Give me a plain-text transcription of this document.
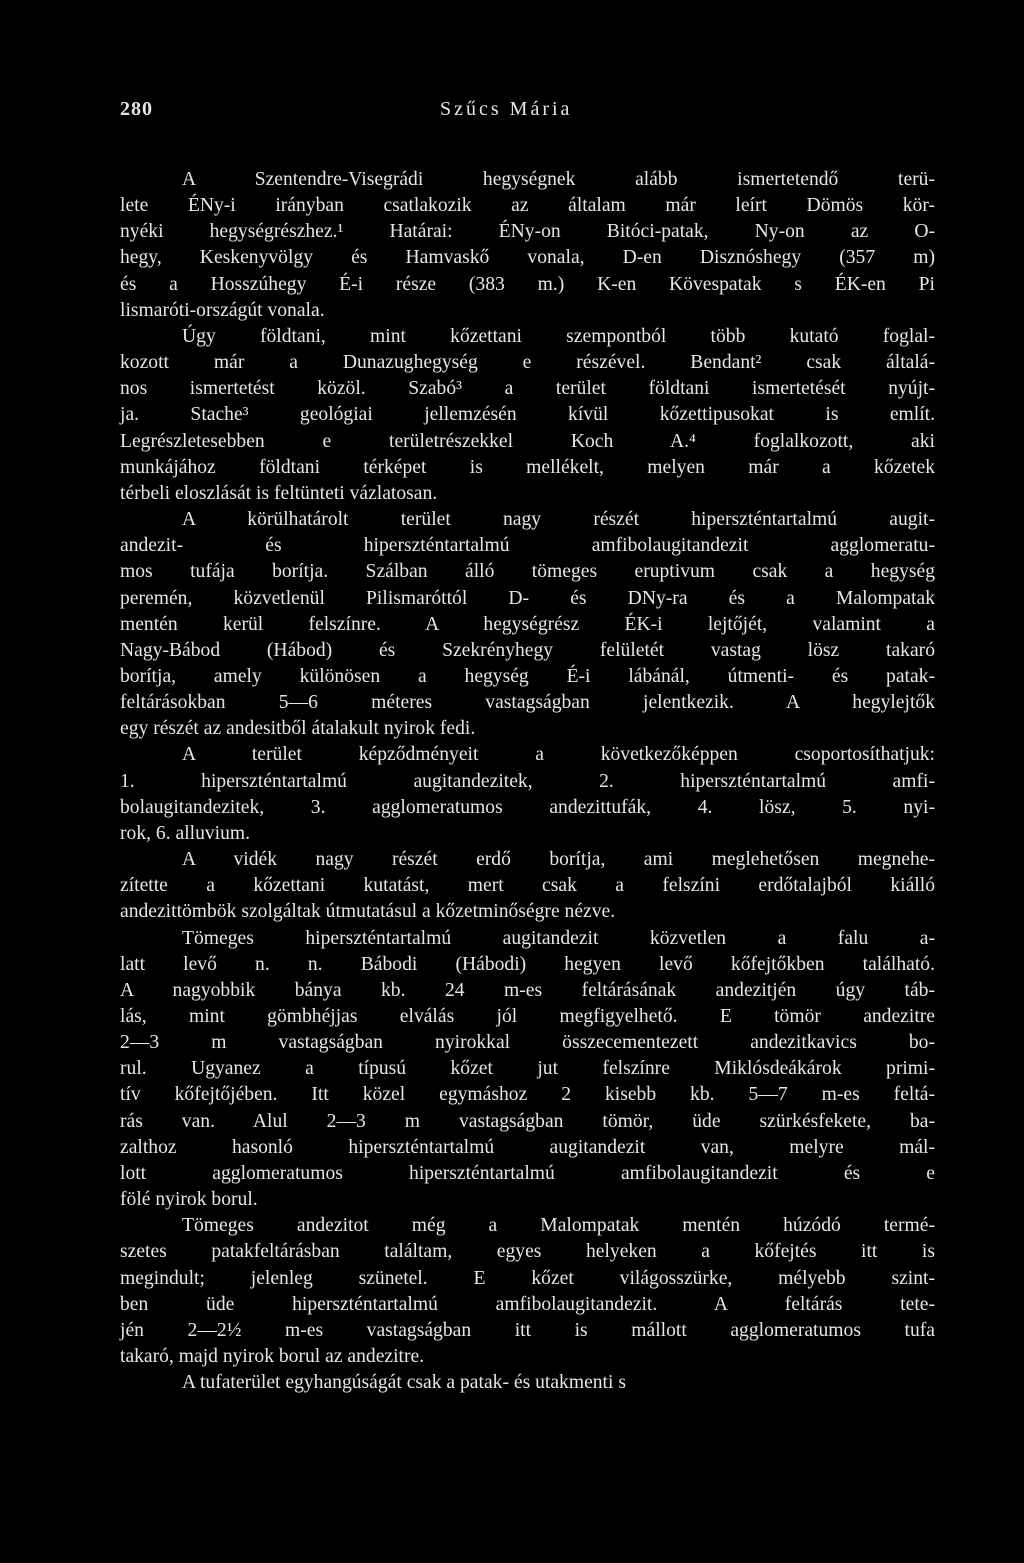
280	Szűcs Mária

A Szentendre-Visegrádi hegységnek alább ismertetendő terü-
lete ÉNy-i irányban csatlakozik az általam már leírt Dömös kör-
nyéki hegységrészhez.¹ Határai: ÉNy-on Bitóci-patak, Ny-on az O-
hegy, Keskenyvölgy és Hamvaskő vonala, D-en Disznóshegy (357 m)
és a Hosszúhegy É-i része (383 m.) K-en Kövespatak s ÉK-en Pi
lismaróti-országút vonala.

Úgy földtani, mint kőzettani szempontból több kutató foglal-
kozott már a Dunazughegység e részével. Bendant² csak általá-
nos ismertetést közöl. Szabó³ a terület földtani ismertetését nyújt-
ja. Stache³ geológiai jellemzésén kívül kőzettipusokat is említ.
Legrészletesebben e területrészekkel Koch A.⁴ foglalkozott, aki
munkájához földtani térképet is mellékelt, melyen már a kőzetek
térbeli eloszlását is feltünteti vázlatosan.

A körülhatárolt terület nagy részét hiperszténtartalmú augit-
andezit- és hiperszténtartalmú amfibolaugitandezit agglomeratu-
mos tufája borítja. Szálban álló tömeges eruptivum csak a hegység
peremén, közvetlenül Pilismaróttól D- és DNy-ra és a Malompatak
mentén kerül felszínre. A hegységrész ÉK-i lejtőjét, valamint a
Nagy-Bábod (Hábod) és Szekrényhegy felületét vastag lösz takaró
borítja, amely különösen a hegység É-i lábánál, útmenti- és patak-
feltárásokban 5—6 méteres vastagságban jelentkezik. A hegylejtők
egy részét az andesitből átalakult nyirok fedi.

A terület képződményeit a következőképpen csoportosíthatjuk:
1. hiperszténtartalmú augitandezitek, 2. hiperszténtartalmú amfi-
bolaugitandezitek, 3. agglomeratumos andezittufák, 4. lösz, 5. nyi-
rok, 6. alluvium.

A vidék nagy részét erdő borítja, ami meglehetősen megnehe-
zítette a kőzettani kutatást, mert csak a felszíni erdőtalajból kiálló
andezittömbök szolgáltak útmutatásul a kőzetminőségre nézve.

Tömeges hiperszténtartalmú augitandezit közvetlen a falu a-
latt levő n. n. Bábodi (Hábodi) hegyen levő kőfejtőkben található.
A nagyobbik bánya kb. 24 m-es feltárásának andezitjén úgy táb-
lás, mint gömbhéjjas elválás jól megfigyelhető. E tömör andezitre
2—3 m vastagságban nyirokkal összecementezett andezitkavics bo-
rul. Ugyanez a típusú kőzet jut felszínre Miklósdeákárok primi-
tív kőfejtőjében. Itt közel egymáshoz 2 kisebb kb. 5—7 m-es feltá-
rás van. Alul 2—3 m vastagságban tömör, üde szürkésfekete, ba-
zalthoz hasonló hiperszténtartalmú augitandezit van, melyre mál-
lott agglomeratumos hiperszténtartalmú amfibolaugitandezit és e
fölé nyirok borul.

Tömeges andezitot még a Malompatak mentén húzódó termé-
szetes patakfeltárásban találtam, egyes helyeken a kőfejtés itt is
megindult; jelenleg szünetel. E kőzet világosszürke, mélyebb szint-
ben üde hiperszténtartalmú amfibolaugitandezit. A feltárás tete-
jén 2—2½ m-es vastagságban itt is mállott agglomeratumos tufa
takaró, majd nyirok borul az andezitre.

A tufaterület egyhangúságát csak a patak- és utakmenti s
